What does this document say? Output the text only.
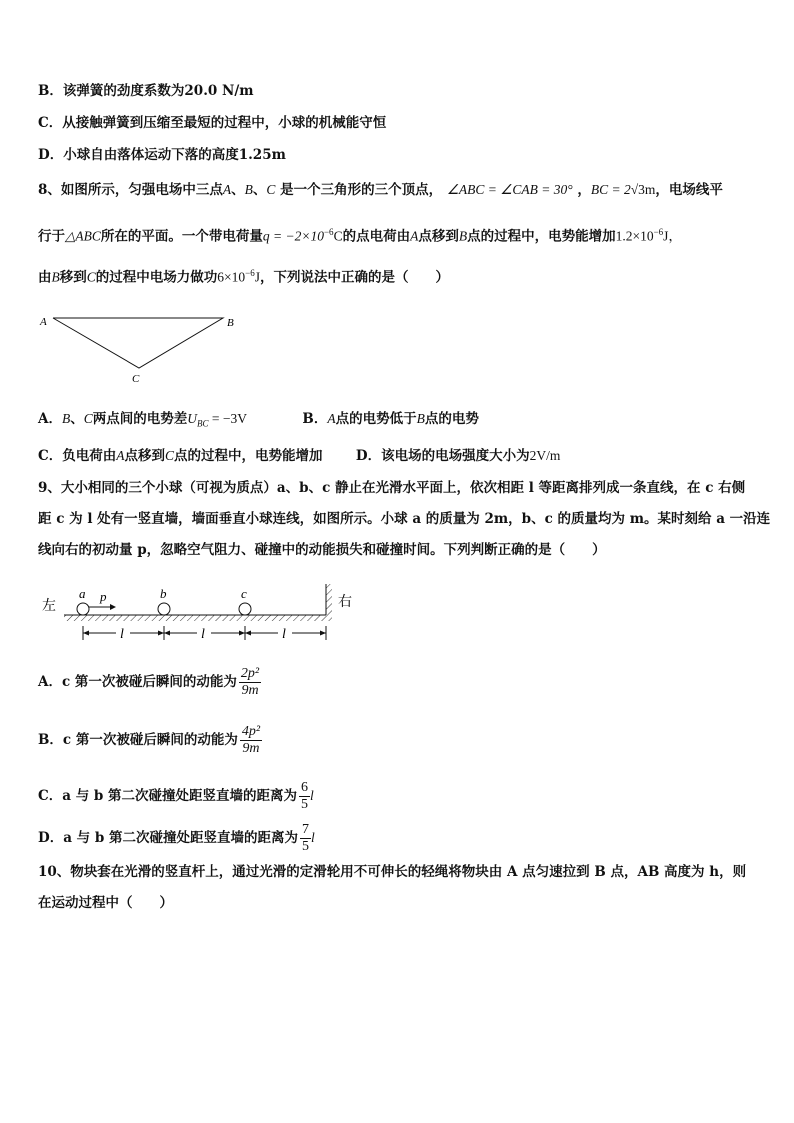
B．该弹簧的劲度系数为20.0 N/m
C．从接触弹簧到压缩至最短的过程中，小球的机械能守恒
D．小球自由落体运动下落的高度1.25m
8、如图所示，匀强电场中三点A、B、C 是一个三角形的三个顶点， ∠ABC = ∠CAB = 30° ，BC = 2√3m，电场线平
行于△ABC所在的平面。一个带电荷量$q = -2\times 10^{-6}C$的点电荷由A点移到B点的过程中，电势能增加$1.2\times 10^{-6}J$，
由B移到C的过程中电场力做功$6\times 10^{-6}J$，下列说法中正确的是（　　）
A	B
C
A．B、C两点间的电势差$U_{BC} = -3V$	B．A点的电势低于B点的电势
C．负电荷由A点移到C点的过程中，电势能增加 D．该电场的电场强度大小为2V/m
9、大小相同的三个小球（可视为质点）a、b、c 静止在光滑水平面上，依次相距 l 等距离排列成一条直线，在 c 右侧
距 c 为 l 处有一竖直墙，墙面垂直小球连线，如图所示。小球 a 的质量为 2m，b、c 的质量均为 m。某时刻给 a 一沿连
线向右的初动量 p，忽略空气阻力、碰撞中的动能损失和碰撞时间。下列判断正确的是（　　）
左	右
a	b	c
p
l	l	l
A．c 第一次被碰后瞬间的动能为 $\frac{\text{2p²}}{9m}$
B．c 第一次被碰后瞬间的动能为 $\frac{\text{4p²}}{9m}$
C．a 与 b 第二次碰撞处距竖直墙的距离为 $\frac{6}{5}$ l
D．a 与 b 第二次碰撞处距竖直墙的距离为 $\frac{7}{5}$ l
10、物块套在光滑的竖直杆上，通过光滑的定滑轮用不可伸长的轻绳将物块由 A 点匀速拉到 B 点，AB 高度为 h，则
在运动过程中（　　）
